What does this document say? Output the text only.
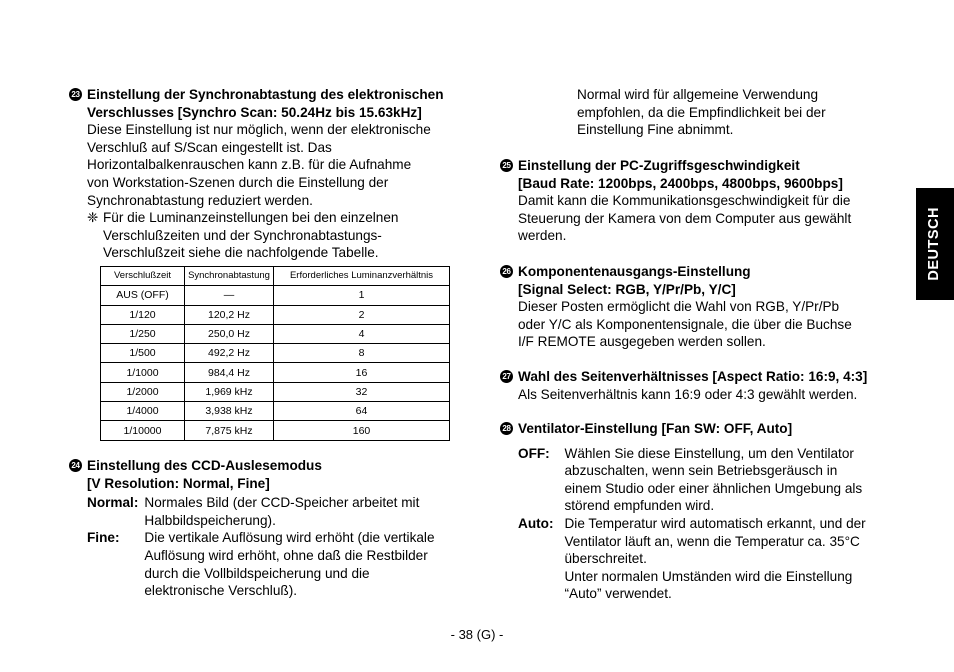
23 Einstellung der Synchronabtastung des elektronischen
Verschlusses [Synchro Scan: 50.24Hz bis 15.63kHz]
Diese Einstellung ist nur möglich, wenn der elektronische
Verschluß auf S/Scan eingestellt ist. Das
Horizontalbalkenrauschen kann z.B. für die Aufnahme
von Workstation-Szenen durch die Einstellung der
Synchronabtastung reduziert werden.
❈ Für die Luminanzeinstellungen bei den einzelnen
Verschlußzeiten und der Synchronabtastungs-
Verschlußzeit siehe die nachfolgende Tabelle.
Verschlußzeit	Synchronabtastung	Erforderliches Luminanzverhältnis
AUS (OFF)	—	1
1/120	120,2 Hz	2
1/250	250,0 Hz	4
1/500	492,2 Hz	8
1/1000	984,4 Hz	16
1/2000	1,969 kHz	32
1/4000	3,938 kHz	64
1/10000	7,875 kHz	160
24 Einstellung des CCD-Auslesemodus
[V Resolution: Normal, Fine]
Normal: Normales Bild (der CCD-Speicher arbeitet mit
Halbbildspeicherung).
Fine:	Die vertikale Auflösung wird erhöht (die vertikale
Auflösung wird erhöht, ohne daß die Restbilder
durch die Vollbildspeicherung und die
elektronische Verschluß).
Normal wird für allgemeine Verwendung
empfohlen, da die Empfindlichkeit bei der
Einstellung Fine abnimmt.
25 Einstellung der PC-Zugriffsgeschwindigkeit
[Baud Rate: 1200bps, 2400bps, 4800bps, 9600bps]
Damit kann die Kommunikationsgeschwindigkeit für die
Steuerung der Kamera von dem Computer aus gewählt
werden.
26 Komponentenausgangs-Einstellung
[Signal Select: RGB, Y/Pr/Pb, Y/C]
Dieser Posten ermöglicht die Wahl von RGB, Y/Pr/Pb
oder Y/C als Komponentensignale, die über die Buchse
I/F REMOTE ausgegeben werden sollen.
27 Wahl des Seitenverhältnisses [Aspect Ratio: 16:9, 4:3]
Als Seitenverhältnis kann 16:9 oder 4:3 gewählt werden.
28 Ventilator-Einstellung [Fan SW: OFF, Auto]
OFF: Wählen Sie diese Einstellung, um den Ventilator
abzuschalten, wenn sein Betriebsgeräusch in
einem Studio oder einer ähnlichen Umgebung als
störend empfunden wird.
Auto: Die Temperatur wird automatisch erkannt, und der
Ventilator läuft an, wenn die Temperatur ca. 35°C
überschreitet.
Unter normalen Umständen wird die Einstellung
“Auto” verwendet.
DEUTSCH
- 38 (G) -
